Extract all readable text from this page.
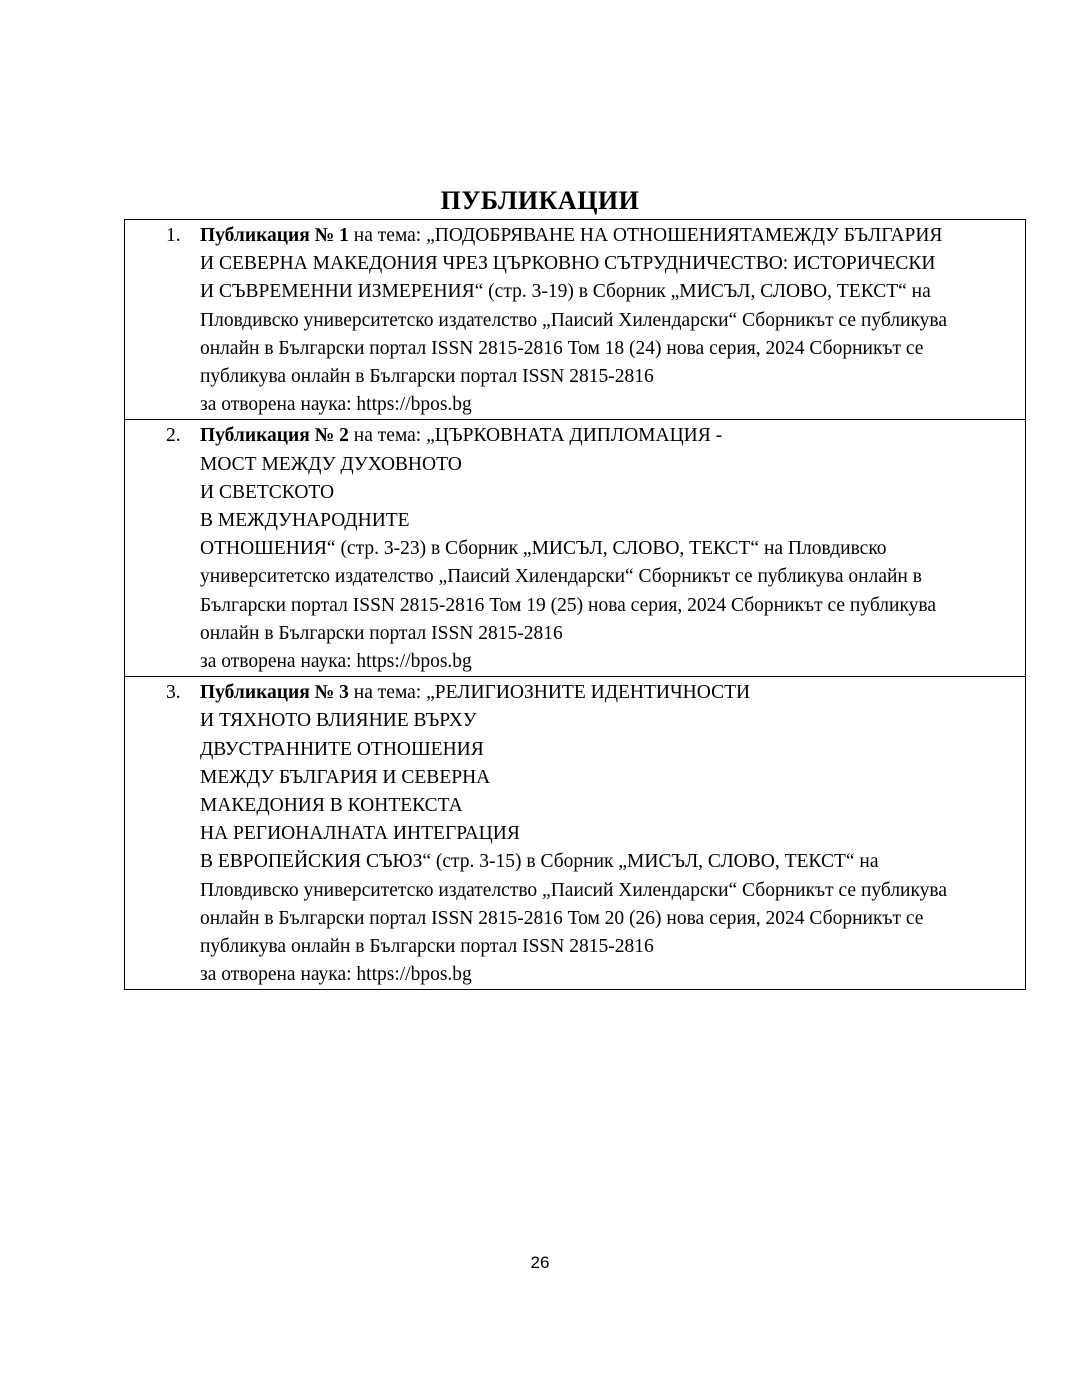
ПУБЛИКАЦИИ
1. Публикация № 1 на тема: „ПОДОБРЯВАНЕ НА ОТНОШЕНИЯТАМЕЖДУ БЪЛГАРИЯ
И СЕВЕРНА МАКЕДОНИЯ ЧРЕЗ ЦЪРКОВНО СЪТРУДНИЧЕСТВО: ИСТОРИЧЕСКИ
И СЪВРЕМЕННИ ИЗМЕРЕНИЯ“ (стр. 3-19) в Сборник „МИСЪЛ, СЛОВО, ТЕКСТ“ на
Пловдивско университетско издателство „Паисий Хилендарски“ Сборникът се публикува
онлайн в Български портал ISSN 2815-2816 Том 18 (24) нова серия, 2024 Сборникът се
публикува онлайн в Български портал ISSN 2815-2816
за отворена наука: https://bpos.bg

2. Публикация № 2 на тема: „ЦЪРКОВНАТА ДИПЛОМАЦИЯ -
МОСТ МЕЖДУ ДУХОВНОТО
И СВЕТСКОТО
В МЕЖДУНАРОДНИТЕ
ОТНОШЕНИЯ“ (стр. 3-23) в Сборник „МИСЪЛ, СЛОВО, ТЕКСТ“ на Пловдивско
университетско издателство „Паисий Хилендарски“ Сборникът се публикува онлайн в
Български портал ISSN 2815-2816 Том 19 (25) нова серия, 2024 Сборникът се публикува
онлайн в Български портал ISSN 2815-2816
за отворена наука: https://bpos.bg

3. Публикация № 3 на тема: „РЕЛИГИОЗНИТЕ ИДЕНТИЧНОСТИ
И ТЯХНОТО ВЛИЯНИЕ ВЪРХУ
ДВУСТРАННИТЕ ОТНОШЕНИЯ
МЕЖДУ БЪЛГАРИЯ И СЕВЕРНА
МАКЕДОНИЯ В КОНТЕКСТА
НА РЕГИОНАЛНАТА ИНТЕГРАЦИЯ
В ЕВРОПЕЙСКИЯ СЪЮЗ“ (стр. 3-15) в Сборник „МИСЪЛ, СЛОВО, ТЕКСТ“ на
Пловдивско университетско издателство „Паисий Хилендарски“ Сборникът се публикува
онлайн в Български портал ISSN 2815-2816 Том 20 (26) нова серия, 2024 Сборникът се
публикува онлайн в Български портал ISSN 2815-2816
за отворена наука: https://bpos.bg
26
